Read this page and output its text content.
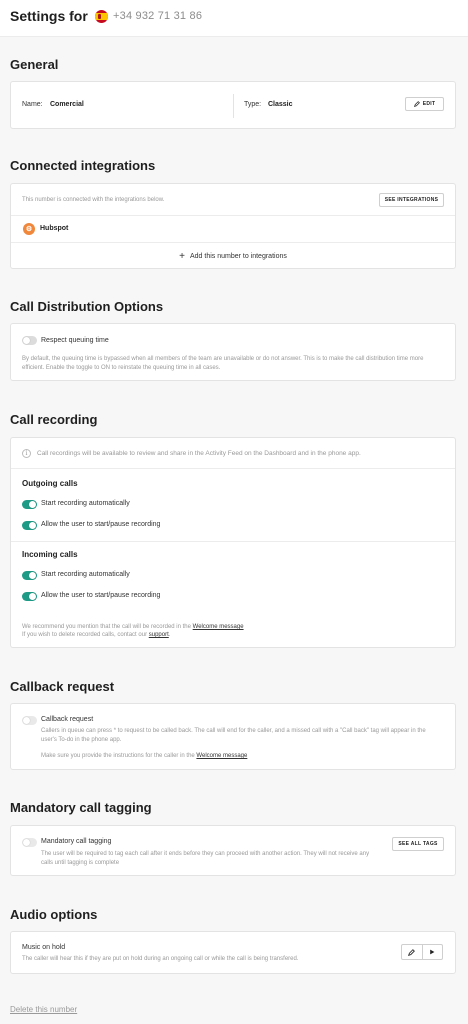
Settings for +34 932 71 31 86
General
Name: Comercial	Type: Classic	EDIT
Connected integrations
This number is connected with the integrations below.	SEE INTEGRATIONS
⚙	Hubspot
+ Add this number to integrations
Call Distribution Options
Respect queuing time
By default, the queuing time is bypassed when all members of the team are unavailable or do not answer. This is to make the call distribution time more efficient. Enable the toggle to ON to reinstate the queuing time in all cases.
Call recording
i	Call recordings will be available to review and share in the Activity Feed on the Dashboard and in the phone app.
Outgoing calls
Start recording automatically
Allow the user to start/pause recording
Incoming calls
Start recording automatically
Allow the user to start/pause recording
We recommend you mention that the call will be recorded in the Welcome message
If you wish to delete recorded calls, contact our support.
Callback request
Callback request
Callers in queue can press * to request to be called back. The call will end for the caller, and a missed call with a "Call back" tag will appear in the user's To-do in the phone app.
Make sure you provide the instructions for the caller in the Welcome message
Mandatory call tagging
Mandatory call tagging
The user will be required to tag each call after it ends before they can proceed with another action. They will not receive any calls until tagging is complete
SEE ALL TAGS
Audio options
Music on hold
The caller will hear this if they are put on hold during an ongoing call or while the call is being transfered.
Delete this number
